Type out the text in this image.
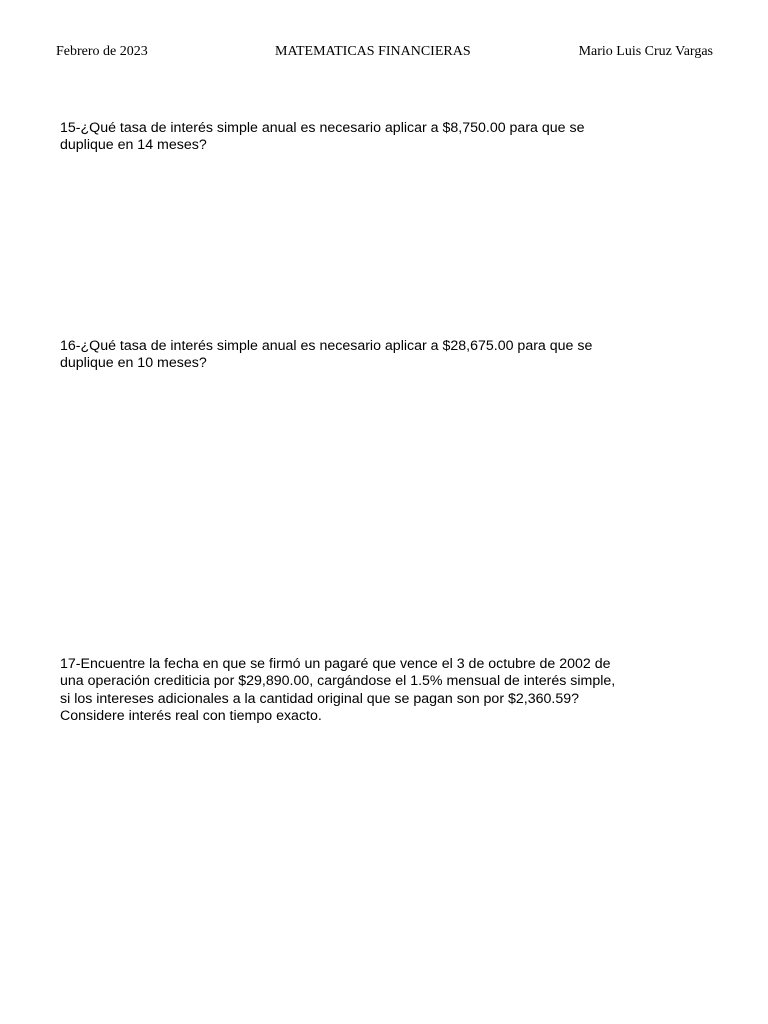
Febrero de 2023	MATEMATICAS FINANCIERAS	Mario Luis Cruz Vargas
15-¿Qué tasa de interés simple anual es necesario aplicar a $8,750.00 para que se
duplique en 14 meses?
16-¿Qué tasa de interés simple anual es necesario aplicar a $28,675.00 para que se
duplique en 10 meses?
17-Encuentre la fecha en que se firmó un pagaré que vence el 3 de octubre de 2002 de
una operación crediticia por $29,890.00, cargándose el 1.5% mensual de interés simple,
si los intereses adicionales a la cantidad original que se pagan son por $2,360.59?
Considere interés real con tiempo exacto.
